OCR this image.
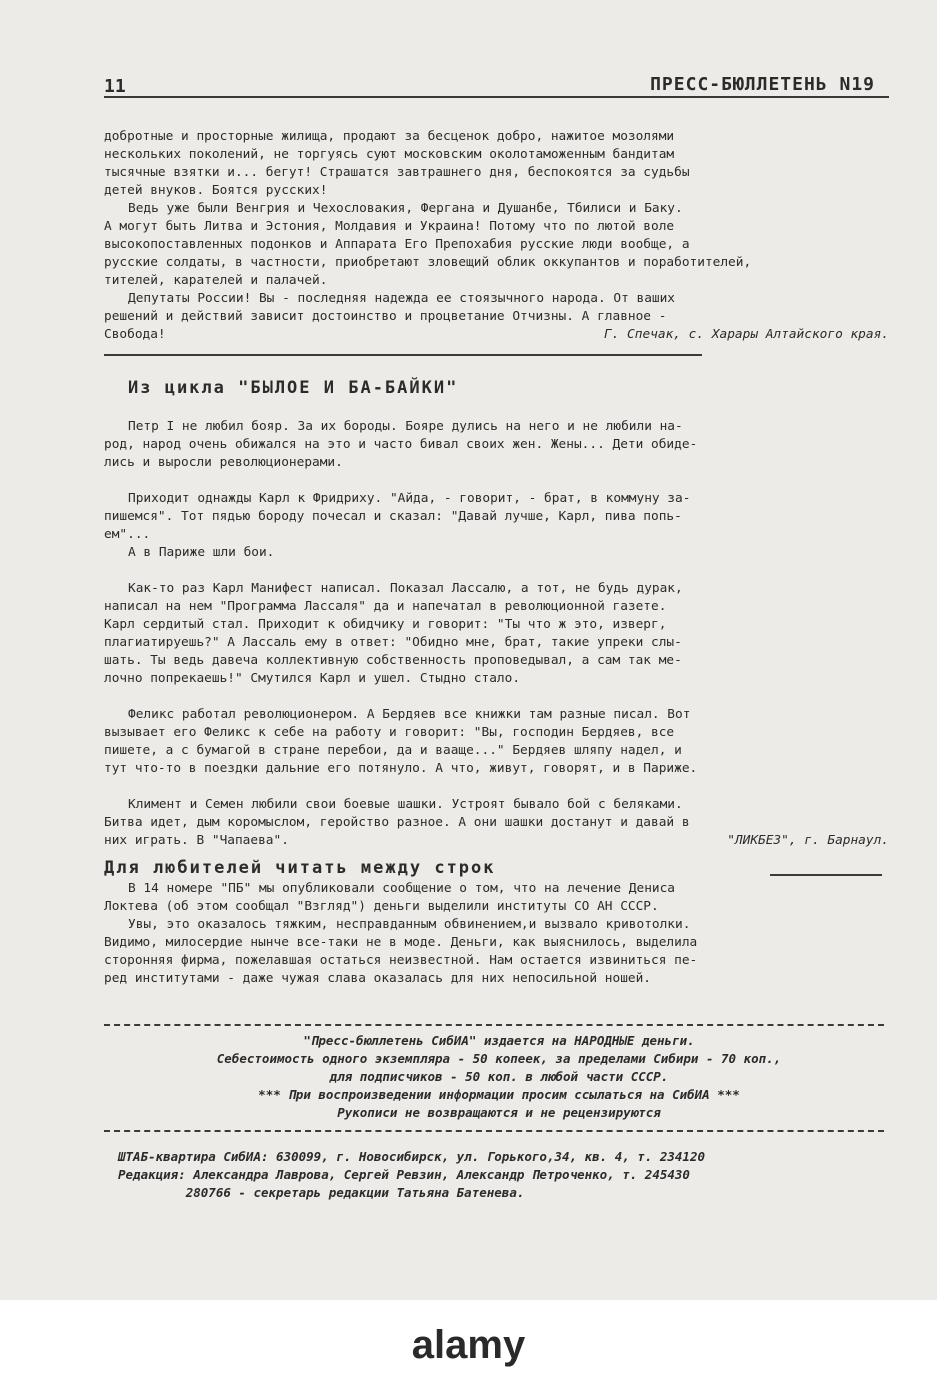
11	ПРЕСС-БЮЛЛЕТЕНЬ N19
добротные и просторные жилища, продают за бесценок добро, нажитое мозолями
нескольких поколений, не торгуясь суют московским околотаможенным бандитам
тысячные взятки и... бегут! Страшатся завтрашнего дня, беспокоятся за судьбы
детей внуков. Боятся русских!
Ведь уже были Венгрия и Чехословакия, Фергана и Душанбе, Тбилиси и Баку.
А могут быть Литва и Эстония, Молдавия и Украина! Потому что по лютой воле
высокопоставленных подонков и Аппарата Его Препохабия русские люди вообще, а
русские солдаты, в частности, приобретают зловещий облик оккупантов и поработителей,
тителей, карателей и палачей.
Депутаты России! Вы - последняя надежда ее стоязычного народа. От ваших
решений и действий зависит достоинство и процветание Отчизны. А главное -
Свобода!	Г. Спечак, с. Харары Алтайского края.
Из цикла "БЫЛОЕ И БА-БАЙКИ"
Петр I не любил бояр. За их бороды. Бояре дулись на него и не любили на-
род, народ очень обижался на это и часто бивал своих жен. Жены... Дети обиде-
лись и выросли революционерами.
Приходит однажды Карл к Фридриху. "Айда, - говорит, - брат, в коммуну за-
пишемся". Тот пядью бороду почесал и сказал: "Давай лучше, Карл, пива попь-
ем"...
А в Париже шли бои.
Как-то раз Карл Манифест написал. Показал Лассалю, а тот, не будь дурак,
написал на нем "Программа Лассаля" да и напечатал в революционной газете.
Карл сердитый стал. Приходит к обидчику и говорит: "Ты что ж это, изверг,
плагиатируешь?" А Лассаль ему в ответ: "Обидно мне, брат, такие упреки слы-
шать. Ты ведь давеча коллективную собственность проповедывал, а сам так ме-
лочно попрекаешь!" Смутился Карл и ушел. Стыдно стало.
Феликс работал революционером. А Бердяев все книжки там разные писал. Вот
вызывает его Феликс к себе на работу и говорит: "Вы, господин Бердяев, все
пишете, а с бумагой в стране перебои, да и вааще..." Бердяев шляпу надел, и
тут что-то в поездки дальние его потянуло. А что, живут, говорят, и в Париже.
Климент и Семен любили свои боевые шашки. Устроят бывало бой с беляками.
Битва идет, дым коромыслом, геройство разное. А они шашки достанут и давай в
них играть. В "Чапаева".	"ЛИКБЕЗ", г. Барнаул.
Для любителей читать между строк
В 14 номере "ПБ" мы опубликовали сообщение о том, что на лечение Дениса
Локтева (об этом сообщал "Взгляд") деньги выделили институты СО АН СССР.
Увы, это оказалось тяжким, несправданным обвинением,и вызвало кривотолки.
Видимо, милосердие нынче все-таки не в моде. Деньги, как выяснилось, выделила
сторонняя фирма, пожелавшая остаться неизвестной. Нам остается извиниться пе-
ред институтами - даже чужая слава оказалась для них непосильной ношей.
"Пресс-бюллетень СибИА" издается на НАРОДНЫЕ деньги.
Себестоимость одного экземпляра - 50 копеек, за пределами Сибири - 70 коп.,
для подписчиков - 50 коп. в любой части СССР.
*** При воспроизведении информации просим ссылаться на СибИА ***
Рукописи не возвращаются и не рецензируются
ШТАБ-квартира СибИА: 630099, г. Новосибирск, ул. Горького,34, кв. 4, т. 234120
Редакция: Александра Лаврова, Сергей Ревзин, Александр Петроченко, т. 245430
280766 - секретарь редакции Татьяна Батенева.
alamy
